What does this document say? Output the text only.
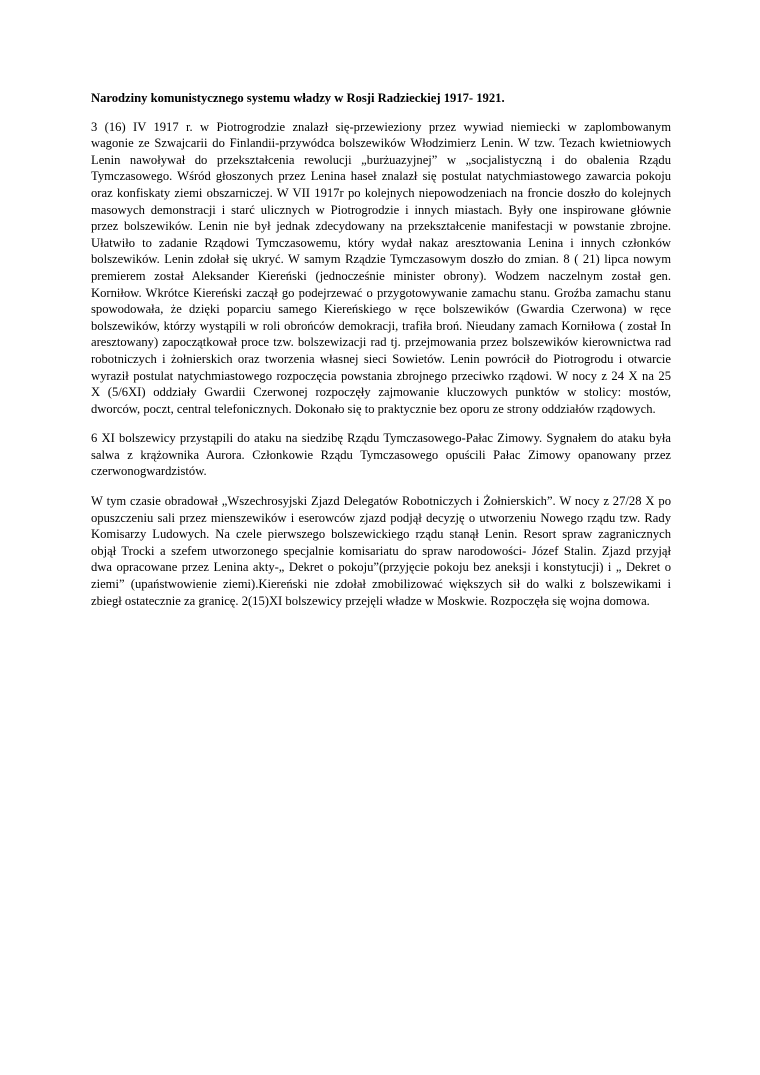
Narodziny komunistycznego systemu władzy w Rosji Radzieckiej 1917- 1921.
3 (16) IV 1917 r. w Piotrogrodzie znalazł się-przewieziony przez wywiad niemiecki w zaplombowanym
wagonie ze Szwajcarii do Finlandii-przywódca bolszewików Włodzimierz Lenin. W tzw. Tezach kwietniowych
Lenin nawoływał do przekształcenia rewolucji „burżuazyjnej” w „socjalistyczną i do obalenia Rządu
Tymczasowego. Wśród głoszonych przez Lenina haseł znalazł się postulat natychmiastowego zawarcia pokoju
oraz konfiskaty ziemi obszarniczej. W VII 1917r po kolejnych niepowodzeniach na froncie doszło do kolejnych
masowych demonstracji i starć ulicznych w Piotrogrodzie i innych miastach. Były one inspirowane głównie
przez bolszewików. Lenin nie był jednak zdecydowany na przekształcenie manifestacji w powstanie zbrojne.
Ułatwiło to zadanie Rządowi Tymczasowemu, który wydał nakaz aresztowania Lenina i innych członków
bolszewików. Lenin zdołał się ukryć. W samym Rządzie Tymczasowym doszło do zmian. 8 ( 21) lipca nowym
premierem został Aleksander Kiereński (jednocześnie minister obrony). Wodzem naczelnym został gen.
Korniłow. Wkrótce Kiereński zaczął go podejrzewać o przygotowywanie zamachu stanu. Groźba zamachu stanu
spowodowała, że dzięki poparciu samego Kiereńskiego w ręce bolszewików (Gwardia Czerwona) w ręce
bolszewików, którzy wystąpili w roli obrońców demokracji, trafiła broń. Nieudany zamach Korniłowa ( został In
aresztowany) zapoczątkował proce tzw. bolszewizacji rad tj. przejmowania przez bolszewików kierownictwa rad
robotniczych i żołnierskich oraz tworzenia własnej sieci Sowietów. Lenin powrócił do Piotrogrodu i otwarcie
wyraził postulat natychmiastowego rozpoczęcia powstania zbrojnego przeciwko rządowi. W nocy z 24 X na 25
X (5/6XI) oddziały Gwardii Czerwonej rozpoczęły zajmowanie kluczowych punktów w stolicy: mostów,
dworców, poczt, central telefonicznych. Dokonało się to praktycznie bez oporu ze strony oddziałów rządowych.
6 XI bolszewicy przystąpili do ataku na siedzibę Rządu Tymczasowego-Pałac Zimowy. Sygnałem do ataku była
salwa z krążownika Aurora. Członkowie Rządu Tymczasowego opuścili Pałac Zimowy opanowany przez
czerwonogwardzistów.
W tym czasie obradował „Wszechrosyjski Zjazd Delegatów Robotniczych i Żołnierskich”. W nocy z 27/28 X po
opuszczeniu sali przez mienszewików i eserowców zjazd podjął decyzję o utworzeniu Nowego rządu tzw. Rady
Komisarzy Ludowych. Na czele pierwszego bolszewickiego rządu stanął Lenin. Resort spraw zagranicznych
objął Trocki a szefem utworzonego specjalnie komisariatu do spraw narodowości- Józef Stalin. Zjazd przyjął
dwa opracowane przez Lenina akty-„ Dekret o pokoju”(przyjęcie pokoju bez aneksji i konstytucji) i „ Dekret o
ziemi” (upaństwowienie ziemi).Kiereński nie zdołał zmobilizować większych sił do walki z bolszewikami i
zbiegł ostatecznie za granicę. 2(15)XI bolszewicy przejęli władze w Moskwie. Rozpoczęła się wojna domowa.
